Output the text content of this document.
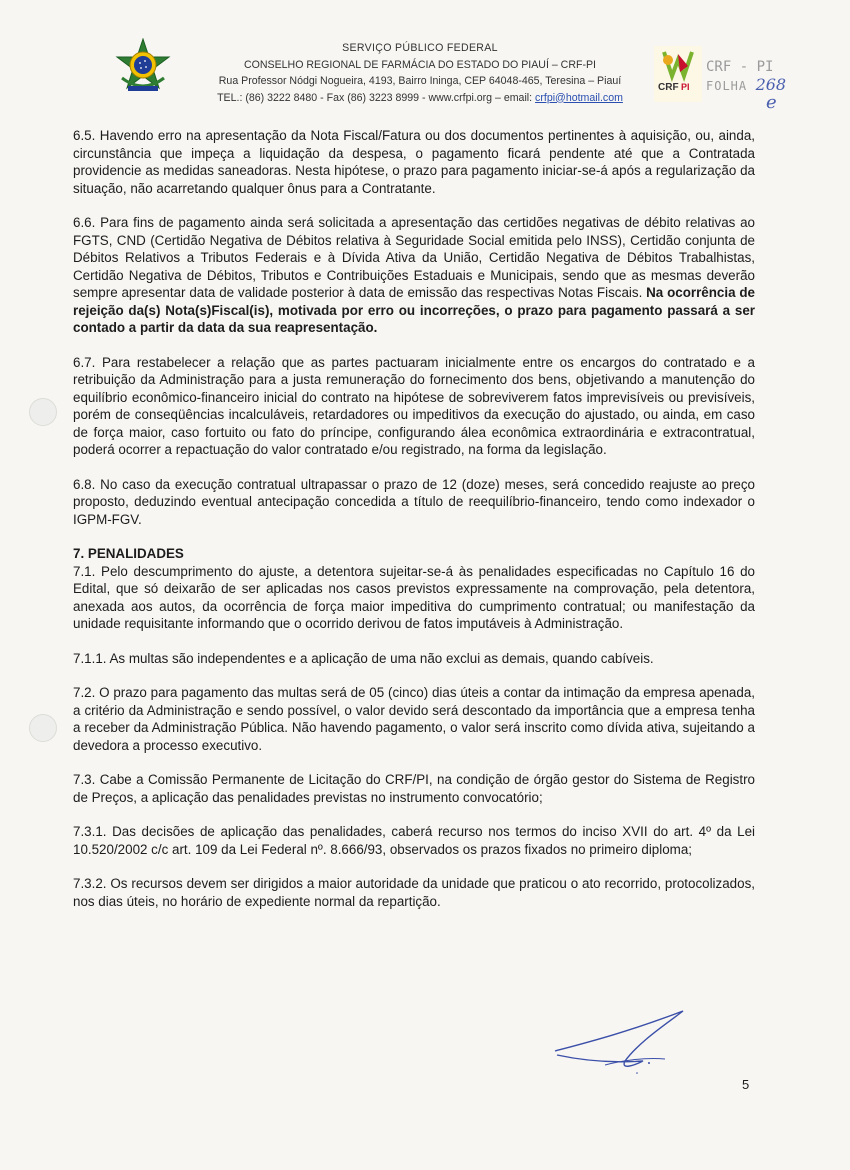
SERVIÇO PÚBLICO FEDERAL
CONSELHO REGIONAL DE FARMÁCIA DO ESTADO DO PIAUÍ – CRF-PI
Rua Professor Nódgi Nogueira, 4193, Bairro Ininga, CEP 64048-465, Teresina – Piauí
TEL.: (86) 3222 8480 - Fax (86) 3223 8999 - www.crfpi.org – email: crfpi@hotmail.com
CRF PI
CRF - PI
FOLHA 268
e

6.5. Havendo erro na apresentação da Nota Fiscal/Fatura ou dos documentos pertinentes à aquisição, ou, ainda, circunstância que impeça a liquidação da despesa, o pagamento ficará pendente até que a Contratada providencie as medidas saneadoras. Nesta hipótese, o prazo para pagamento iniciar-se-á após a regularização da situação, não acarretando qualquer ônus para a Contratante.

6.6. Para fins de pagamento ainda será solicitada a apresentação das certidões negativas de débito relativas ao FGTS, CND (Certidão Negativa de Débitos relativa à Seguridade Social emitida pelo INSS), Certidão conjunta de Débitos Relativos a Tributos Federais e à Dívida Ativa da União, Certidão Negativa de Débitos Trabalhistas, Certidão Negativa de Débitos, Tributos e Contribuições Estaduais e Municipais, sendo que as mesmas deverão sempre apresentar data de validade posterior à data de emissão das respectivas Notas Fiscais. Na ocorrência de rejeição da(s) Nota(s)Fiscal(is), motivada por erro ou incorreções, o prazo para pagamento passará a ser contado a partir da data da sua reapresentação.

6.7. Para restabelecer a relação que as partes pactuaram inicialmente entre os encargos do contratado e a retribuição da Administração para a justa remuneração do fornecimento dos bens, objetivando a manutenção do equilíbrio econômico-financeiro inicial do contrato na hipótese de sobreviverem fatos imprevisíveis ou previsíveis, porém de conseqüências incalculáveis, retardadores ou impeditivos da execução do ajustado, ou ainda, em caso de força maior, caso fortuito ou fato do príncipe, configurando álea econômica extraordinária e extracontratual, poderá ocorrer a repactuação do valor contratado e/ou registrado, na forma da legislação.

6.8. No caso da execução contratual ultrapassar o prazo de 12 (doze) meses, será concedido reajuste ao preço proposto, deduzindo eventual antecipação concedida a título de reequilíbrio-financeiro, tendo como indexador o IGPM-FGV.

7. PENALIDADES

7.1. Pelo descumprimento do ajuste, a detentora sujeitar-se-á às penalidades especificadas no Capítulo 16 do Edital, que só deixarão de ser aplicadas nos casos previstos expressamente na comprovação, pela detentora, anexada aos autos, da ocorrência de força maior impeditiva do cumprimento contratual; ou manifestação da unidade requisitante informando que o ocorrido derivou de fatos imputáveis à Administração.

7.1.1. As multas são independentes e a aplicação de uma não exclui as demais, quando cabíveis.

7.2. O prazo para pagamento das multas será de 05 (cinco) dias úteis a contar da intimação da empresa apenada, a critério da Administração e sendo possível, o valor devido será descontado da importância que a empresa tenha a receber da Administração Pública. Não havendo pagamento, o valor será inscrito como dívida ativa, sujeitando a devedora a processo executivo.

7.3. Cabe a Comissão Permanente de Licitação do CRF/PI, na condição de órgão gestor do Sistema de Registro de Preços, a aplicação das penalidades previstas no instrumento convocatório;

7.3.1. Das decisões de aplicação das penalidades, caberá recurso nos termos do inciso XVII do art. 4º da Lei 10.520/2002 c/c art. 109 da Lei Federal nº. 8.666/93, observados os prazos fixados no primeiro diploma;

7.3.2. Os recursos devem ser dirigidos a maior autoridade da unidade que praticou o ato recorrido, protocolizados, nos dias úteis, no horário de expediente normal da repartição.

5
